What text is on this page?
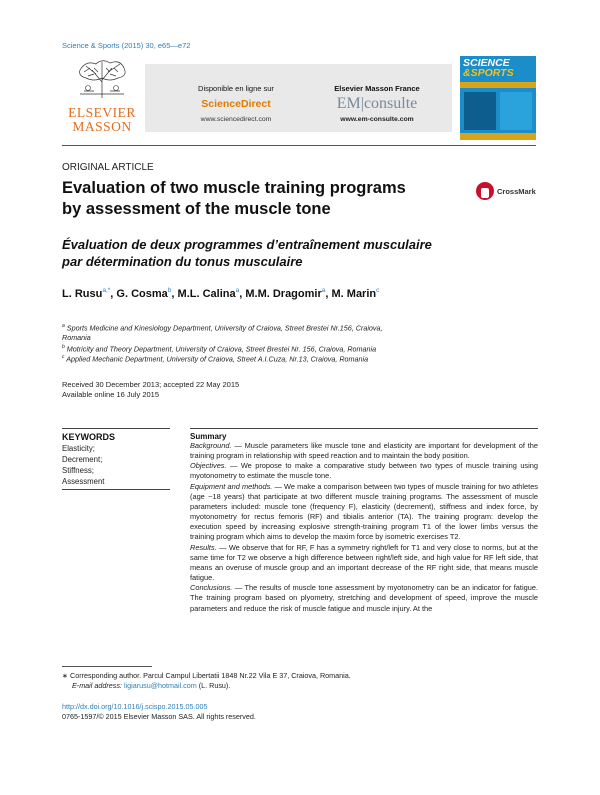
Science & Sports (2015) 30, e65—e72
ELSEVIER
MASSON
Disponible en ligne sur
ScienceDirect
www.sciencedirect.com
Elsevier Masson France
EM|consulte
www.em-consulte.com
SCIENCE
&SPORTS
ORIGINAL ARTICLE
Evaluation of two muscle training programs
by assessment of the muscle tone
CrossMark
Évaluation de deux programmes d’entraînement musculaire
par détermination du tonus musculaire
L. Rusu$^{a,*}$, G. Cosma$^b$, M.L. Calina$^a$, M.M. Dragomir$^a$, M. Marin$^c$
$^a$ Sports Medicine and Kinesiology Department, University of Craiova, Street Brestei Nr.156, Craiova,
Romania
$^b$ Motricity and Theory Department, University of Craiova, Street Brestei Nr. 156, Craiova, Romania
$^c$ Applied Mechanic Department, University of Craiova, Street A.I.Cuza, Nr.13, Craiova, Romania
Received 30 December 2013; accepted 22 May 2015
Available online 16 July 2015
KEYWORDS
Elasticity;
Decrement;
Stiffness;
Assessment
Summary
Background. — Muscle parameters like muscle tone and elasticity are important for development of the training program in relationship with speed reaction and to maintain the body position.
Objectives. — We propose to make a comparative study between two types of muscle training using myotonometry to estimate the muscle tone.
Equipment and methods. — We make a comparison between two types of muscle training for two athletes (age ~18 years) that participate at two different muscle training programs. The assessment of muscle parameters included: muscle tone (frequency F), elasticity (decrement), stiffness and index force, by myotonometry for rectus femoris (RF) and tibialis anterior (TA). The training program: develop the execution speed by increasing explosive strength-training program T1 of the lower limbs versus the training program which aims to develop the maxim force by isometric exercises T2.
Results. — We observe that for RF, F has a symmetry right/left for T1 and very close to norms, but at the same time for T2 we observe a high difference between right/left side, and high value for RF left side, that means an overuse of muscle group and an important decrease of the RF right side, that means muscle fatigue.
Conclusions. — The results of muscle tone assessment by myotonometry can be an indicator for fatigue. The training program based on plyometry, stretching and development of speed, improve the muscle parameters and reduce the risk of muscle fatigue and muscle injury. At the
∗ Corresponding author. Parcul Campul Libertatii 1848 Nr.22 Vila E 37, Craiova, Romania.
E-mail address: ligiarusu@hotmail.com (L. Rusu).
http://dx.doi.org/10.1016/j.scispo.2015.05.005
0765-1597/© 2015 Elsevier Masson SAS. All rights reserved.
